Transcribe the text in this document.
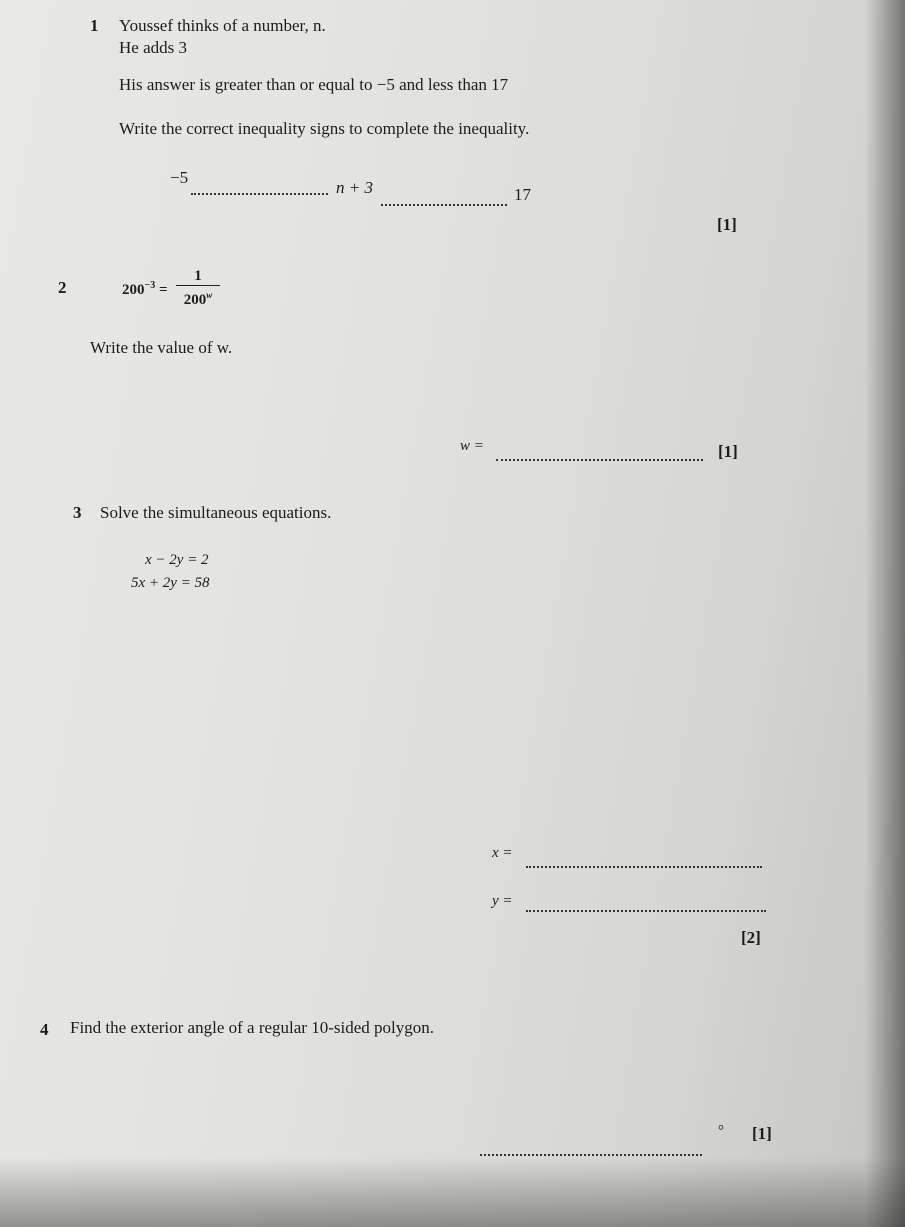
1 Youssef thinks of a number, n.
He adds 3
His answer is greater than or equal to −5 and less than 17
Write the correct inequality signs to complete the inequality.
−5
n + 3	17
[1]
2	$200^{-3}$ =
1
200$^w$
Write the value of w.
w =	[1]
3 Solve the simultaneous equations.
x − 2y = 2
5x + 2y = 58
x =
y =
[2]
4 Find the exterior angle of a regular 10-sided polygon.
° [1]
